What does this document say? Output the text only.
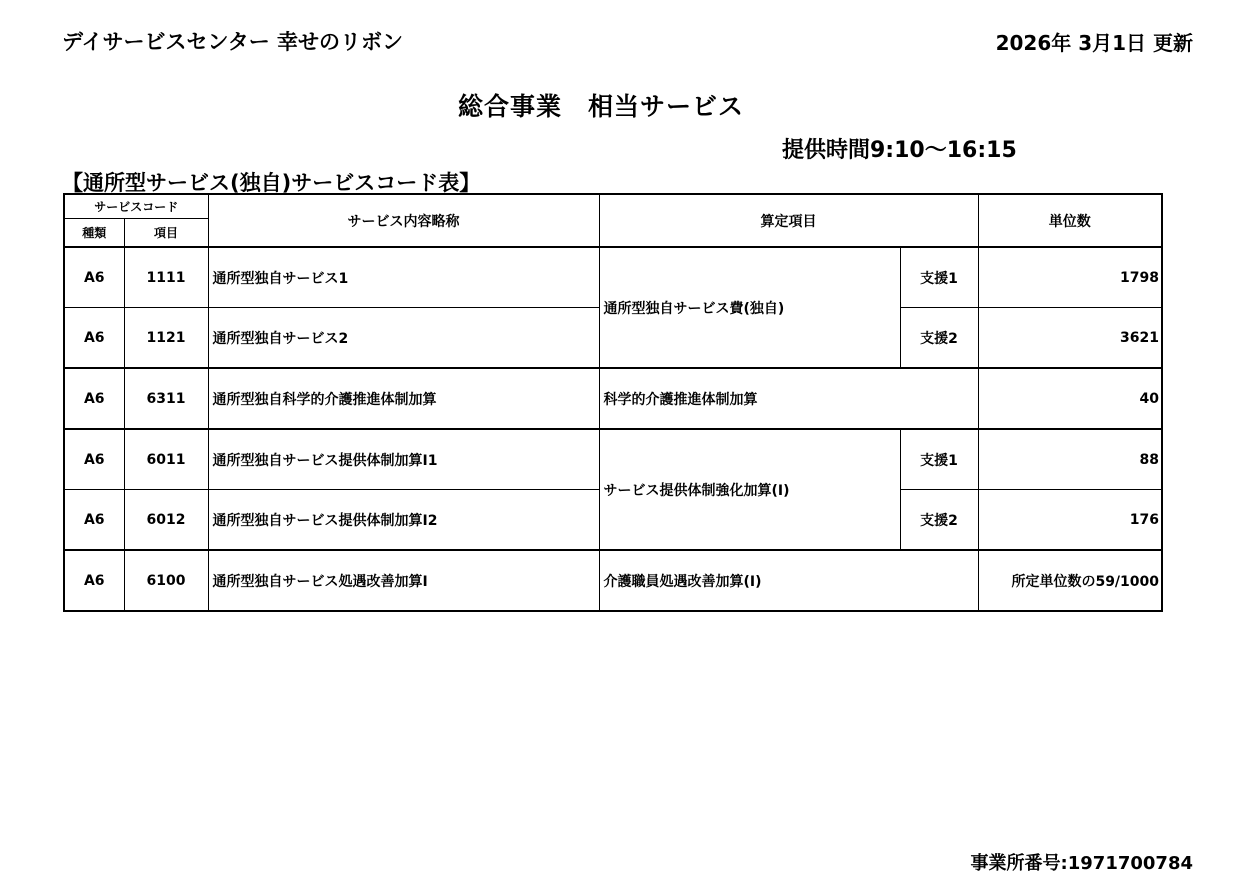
デイサービスセンター 幸せのリボン	2026年 3月1日 更新
総合事業　相当サービス
提供時間9:10～16:15
【通所型サービス(独自)サービスコード表】
サービスコード		サービス内容略称	算定項目		単位数
種類	項目				
A6	1111	通所型独自サービス1	通所型独自サービス費(独自)	支援1	1798
A6	1121	通所型独自サービス2		支援2	3621
A6	6311	通所型独自科学的介護推進体制加算	科学的介護推進体制加算		40
A6	6011	通所型独自サービス提供体制加算Ⅰ1	サービス提供体制強化加算(Ⅰ)	支援1	88
A6	6012	通所型独自サービス提供体制加算Ⅰ2		支援2	176
A6	6100	通所型独自サービス処遇改善加算Ⅰ	介護職員処遇改善加算(Ⅰ)		所定単位数の59/1000
事業所番号:1971700784
